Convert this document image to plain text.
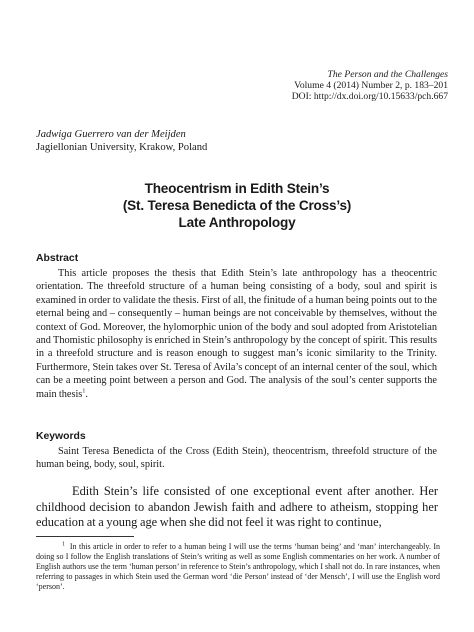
The Person and the Challenges
Volume 4 (2014) Number 2, p. 183–201
DOI: http://dx.doi.org/10.15633/pch.667
Jadwiga Guerrero van der Meijden
Jagiellonian University, Krakow, Poland
Theocentrism in Edith Stein’s
(St. Teresa Benedicta of the Cross’s)
Late Anthropology
Abstract
This article proposes the thesis that Edith Stein’s late anthropology has a theocentric orientation. The threefold structure of a human being consisting of a body, soul and spirit is examined in order to validate the thesis. First of all, the finitude of a human being points out to the eternal being and – consequently – human beings are not conceivable by themselves, without the context of God. Moreover, the hylomorphic union of the body and soul adopted from Aristotelian and Thomistic philosophy is enriched in Stein’s anthropology by the concept of spirit. This results in a threefold structure and is reason enough to suggest man’s iconic similarity to the Trinity. Furthermore, Stein takes over St. Teresa of Avila’s concept of an internal center of the soul, which can be a meeting point between a person and God. The analysis of the soul’s center supports the main thesis$^1$.
Keywords
Saint Teresa Benedicta of the Cross (Edith Stein), theocentrism, threefold structure of the human being, body, soul, spirit.
Edith Stein’s life consisted of one exceptional event after another. Her childhood decision to abandon Jewish faith and adhere to atheism, stopping her education at a young age when she did not feel it was right to continue,
$^1$ In this article in order to refer to a human being I will use the terms ‘human being’ and ‘man’ interchangeably. In doing so I follow the English translations of Stein’s writing as well as some English commentaries on her work. A number of English authors use the term ‘human person’ in reference to Stein’s anthropology, which I shall not do. In rare instances, when referring to passages in which Stein used the German word ‘die Person’ instead of ‘der Mensch’, I will use the English word ‘person’.
